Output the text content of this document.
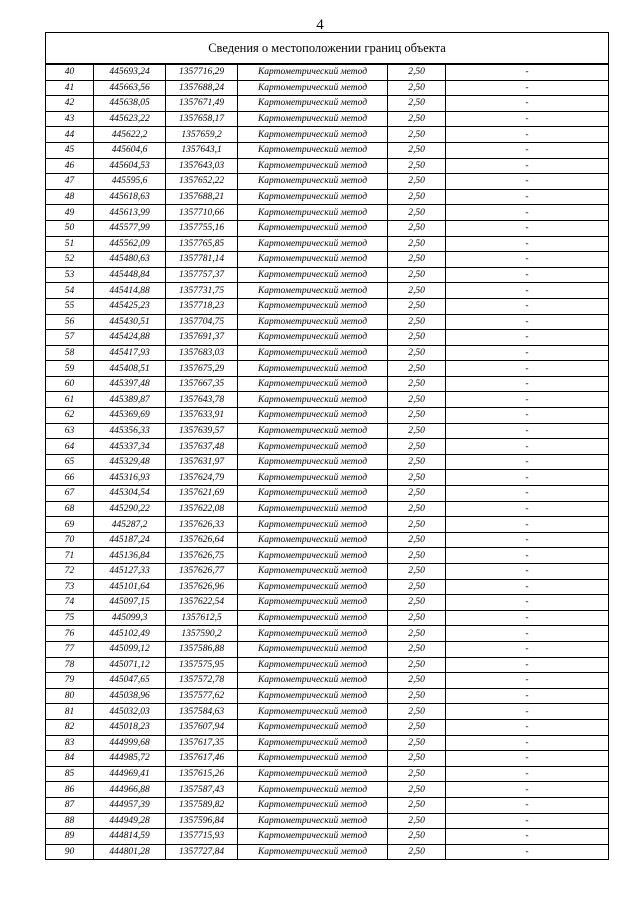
4
Сведения о местоположении границ объекта					
40	445693,24	1357716,29	Картометрический метод	2,50	-
41	445663,56	1357688,24	Картометрический метод	2,50	-
42	445638,05	1357671,49	Картометрический метод	2,50	-
43	445623,22	1357658,17	Картометрический метод	2,50	-
44	445622,2	1357659,2	Картометрический метод	2,50	-
45	445604,6	1357643,1	Картометрический метод	2,50	-
46	445604,53	1357643,03	Картометрический метод	2,50	-
47	445595,6	1357652,22	Картометрический метод	2,50	-
48	445618,63	1357688,21	Картометрический метод	2,50	-
49	445613,99	1357710,66	Картометрический метод	2,50	-
50	445577,99	1357755,16	Картометрический метод	2,50	-
51	445562,09	1357765,85	Картометрический метод	2,50	-
52	445480,63	1357781,14	Картометрический метод	2,50	-
53	445448,84	1357757,37	Картометрический метод	2,50	-
54	445414,88	1357731,75	Картометрический метод	2,50	-
55	445425,23	1357718,23	Картометрический метод	2,50	-
56	445430,51	1357704,75	Картометрический метод	2,50	-
57	445424,88	1357691,37	Картометрический метод	2,50	-
58	445417,93	1357683,03	Картометрический метод	2,50	-
59	445408,51	1357675,29	Картометрический метод	2,50	-
60	445397,48	1357667,35	Картометрический метод	2,50	-
61	445389,87	1357643,78	Картометрический метод	2,50	-
62	445369,69	1357633,91	Картометрический метод	2,50	-
63	445356,33	1357639,57	Картометрический метод	2,50	-
64	445337,34	1357637,48	Картометрический метод	2,50	-
65	445329,48	1357631,97	Картометрический метод	2,50	-
66	445316,93	1357624,79	Картометрический метод	2,50	-
67	445304,54	1357621,69	Картометрический метод	2,50	-
68	445290,22	1357622,08	Картометрический метод	2,50	-
69	445287,2	1357626,33	Картометрический метод	2,50	-
70	445187,24	1357626,64	Картометрический метод	2,50	-
71	445136,84	1357626,75	Картометрический метод	2,50	-
72	445127,33	1357626,77	Картометрический метод	2,50	-
73	445101,64	1357626,96	Картометрический метод	2,50	-
74	445097,15	1357622,54	Картометрический метод	2,50	-
75	445099,3	1357612,5	Картометрический метод	2,50	-
76	445102,49	1357590,2	Картометрический метод	2,50	-
77	445099,12	1357586,88	Картометрический метод	2,50	-
78	445071,12	1357575,95	Картометрический метод	2,50	-
79	445047,65	1357572,78	Картометрический метод	2,50	-
80	445038,96	1357577,62	Картометрический метод	2,50	-
81	445032,03	1357584,63	Картометрический метод	2,50	-
82	445018,23	1357607,94	Картометрический метод	2,50	-
83	444999,68	1357617,35	Картометрический метод	2,50	-
84	444985,72	1357617,46	Картометрический метод	2,50	-
85	444969,41	1357615,26	Картометрический метод	2,50	-
86	444966,88	1357587,43	Картометрический метод	2,50	-
87	444957,39	1357589,82	Картометрический метод	2,50	-
88	444949,28	1357596,84	Картометрический метод	2,50	-
89	444814,59	1357715,93	Картометрический метод	2,50	-
90	444801,28	1357727,84	Картометрический метод	2,50	-
